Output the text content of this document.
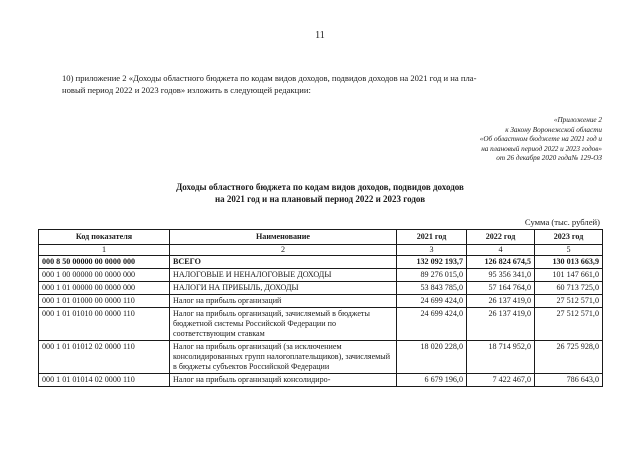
11
10) приложение 2 «Доходы областного бюджета по кодам видов доходов, подвидов доходов на 2021 год и на пла-
новый период 2022 и 2023 годов» изложить в следующей редакции:
«Приложение 2
к Закону Воронежской области
«Об областном бюджете на 2021 год и
на плановый период 2022 и 2023 годов»
от 26 декабря 2020 года№ 129-ОЗ
Доходы областного бюджета по кодам видов доходов, подвидов доходов
на 2021 год и на плановый период 2022 и 2023 годов
Сумма (тыс. рублей)
Код показателя	Наименование	2021 год	2022 год	2023 год
1	2	3	4	5
000 8 50 00000 00 0000 000	ВСЕГО	132 092 193,7	126 824 674,5	130 013 663,9
000 1 00 00000 00 0000 000	НАЛОГОВЫЕ И НЕНАЛОГОВЫЕ ДОХОДЫ	89 276 015,0	95 356 341,0	101 147 661,0
000 1 01 00000 00 0000 000	НАЛОГИ НА ПРИБЫЛЬ, ДОХОДЫ	53 843 785,0	57 164 764,0	60 713 725,0
000 1 01 01000 00 0000 110	Налог на прибыль организаций	24 699 424,0	26 137 419,0	27 512 571,0
000 1 01 01010 00 0000 110	Налог на прибыль организаций, зачисляемый в бюджеты бюджетной системы Российской Федерации по соответствующим ставкам	24 699 424,0	26 137 419,0	27 512 571,0
000 1 01 01012 02 0000 110	Налог на прибыль организаций (за исключением консолидированных групп налогоплательщиков), зачисляемый в бюджеты субъектов Российской Федерации	18 020 228,0	18 714 952,0	26 725 928,0
000 1 01 01014 02 0000 110	Налог на прибыль организаций консолидиро-	6 679 196,0	7 422 467,0	786 643,0
